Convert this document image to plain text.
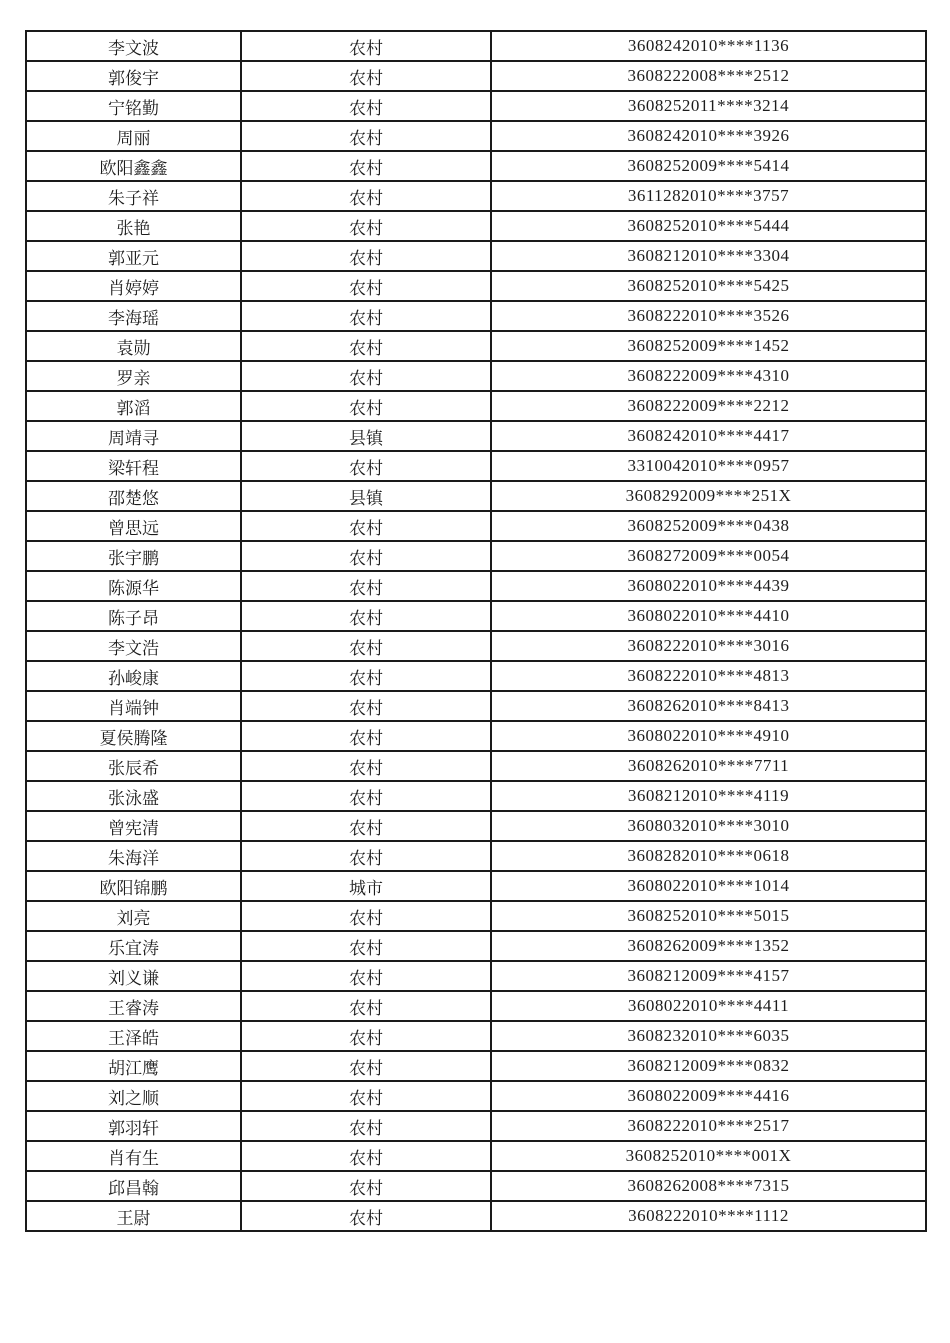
李文波	农村	3608242010****1136
郭俊宇	农村	3608222008****2512
宁铭勤	农村	3608252011****3214
周丽	农村	3608242010****3926
欧阳鑫鑫	农村	3608252009****5414
朱子祥	农村	3611282010****3757
张艳	农村	3608252010****5444
郭亚元	农村	3608212010****3304
肖婷婷	农村	3608252010****5425
李海瑶	农村	3608222010****3526
袁勋	农村	3608252009****1452
罗亲	农村	3608222009****4310
郭滔	农村	3608222009****2212
周靖寻	县镇	3608242010****4417
梁轩程	农村	3310042010****0957
邵楚悠	县镇	3608292009****251X
曾思远	农村	3608252009****0438
张宇鹏	农村	3608272009****0054
陈源华	农村	3608022010****4439
陈子昂	农村	3608022010****4410
李文浩	农村	3608222010****3016
孙峻康	农村	3608222010****4813
肖端钟	农村	3608262010****8413
夏侯腾隆	农村	3608022010****4910
张辰希	农村	3608262010****7711
张泳盛	农村	3608212010****4119
曾宪清	农村	3608032010****3010
朱海洋	农村	3608282010****0618
欧阳锦鹏	城市	3608022010****1014
刘亮	农村	3608252010****5015
乐宜涛	农村	3608262009****1352
刘义谦	农村	3608212009****4157
王睿涛	农村	3608022010****4411
王泽皓	农村	3608232010****6035
胡江鹰	农村	3608212009****0832
刘之顺	农村	3608022009****4416
郭羽轩	农村	3608222010****2517
肖有生	农村	3608252010****001X
邱昌翰	农村	3608262008****7315
王尉	农村	3608222010****1112
